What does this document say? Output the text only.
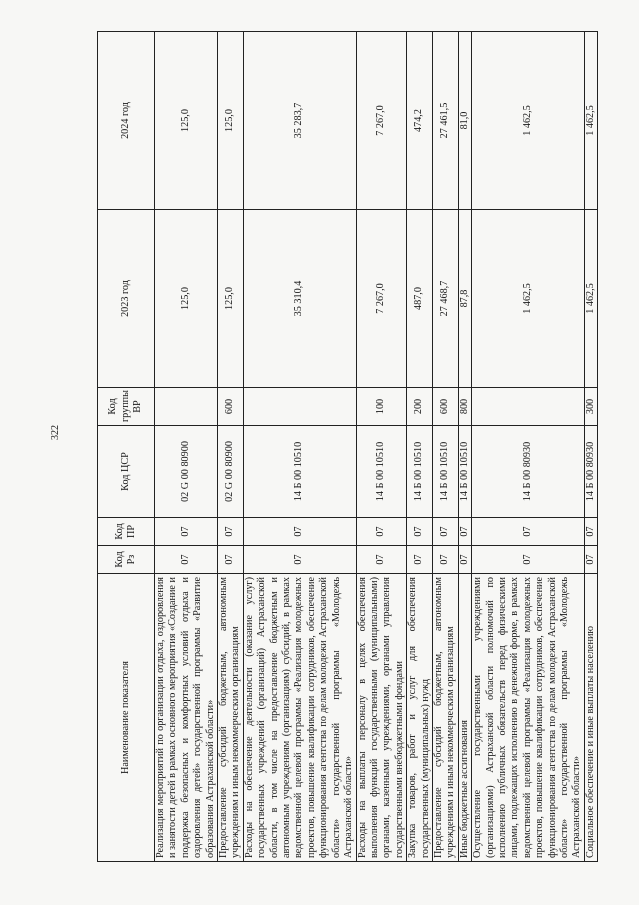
322
Наименование показателя	Код Рз	Код ПР	Код ЦСР	Код группы ВР	2023 год	2024 год
Реализация мероприятий по организации отдыха, оздоровления и занятости детей в рамках основного мероприятия «Создание и поддержка безопасных и комфортных условий отдыха и оздоровления детей» государственной программы «Развитие образования Астраханской области»	07	07	02 G 00 80900		125,0	125,0
Предоставление субсидий бюджетным, автономным учреждениям и иным некоммерческим организациям	07	07	02 G 00 80900	600	125,0	125,0
Расходы на обеспечение деятельности (оказание услуг) государственных учреждений (организаций) Астраханской области, в том числе на предоставление бюджетным и автономным учреждениям (организациям) субсидий, в рамках ведомственной целевой программы «Реализация молодежных проектов, повышение квалификации сотрудников, обеспечение функционирования агентства по делам молодежи Астраханской области» государственной программы «Молодежь Астраханской области»	07	07	14 Б 00 10510		35 310,4	35 283,7
Расходы на выплаты персоналу в целях обеспечения выполнения функций государственными (муниципальными) органами, казенными учреждениями, органами управления государственными внебюджетными фондами	07	07	14 Б 00 10510	100	7 267,0	7 267,0
Закупка товаров, работ и услуг для обеспечения государственных (муниципальных) нужд	07	07	14 Б 00 10510	200	487,0	474,2
Предоставление субсидий бюджетным, автономным учреждениям и иным некоммерческим организациям	07	07	14 Б 00 10510	600	27 468,7	27 461,5
Иные бюджетные ассигнования	07	07	14 Б 00 10510	800	87,8	81,0
Осуществление государственными учреждениями (организациями) Астраханской области полномочий по исполнению публичных обязательств перед физическими лицами, подлежащих исполнению в денежной форме, в рамках ведомственной целевой программы «Реализация молодежных проектов, повышение квалификации сотрудников, обеспечение функционирования агентства по делам молодежи Астраханской области» государственной программы «Молодежь Астраханской области»	07	07	14 Б 00 80930		1 462,5	1 462,5
Социальное обеспечение и иные выплаты населению	07	07	14 Б 00 80930	300	1 462,5	1 462,5
